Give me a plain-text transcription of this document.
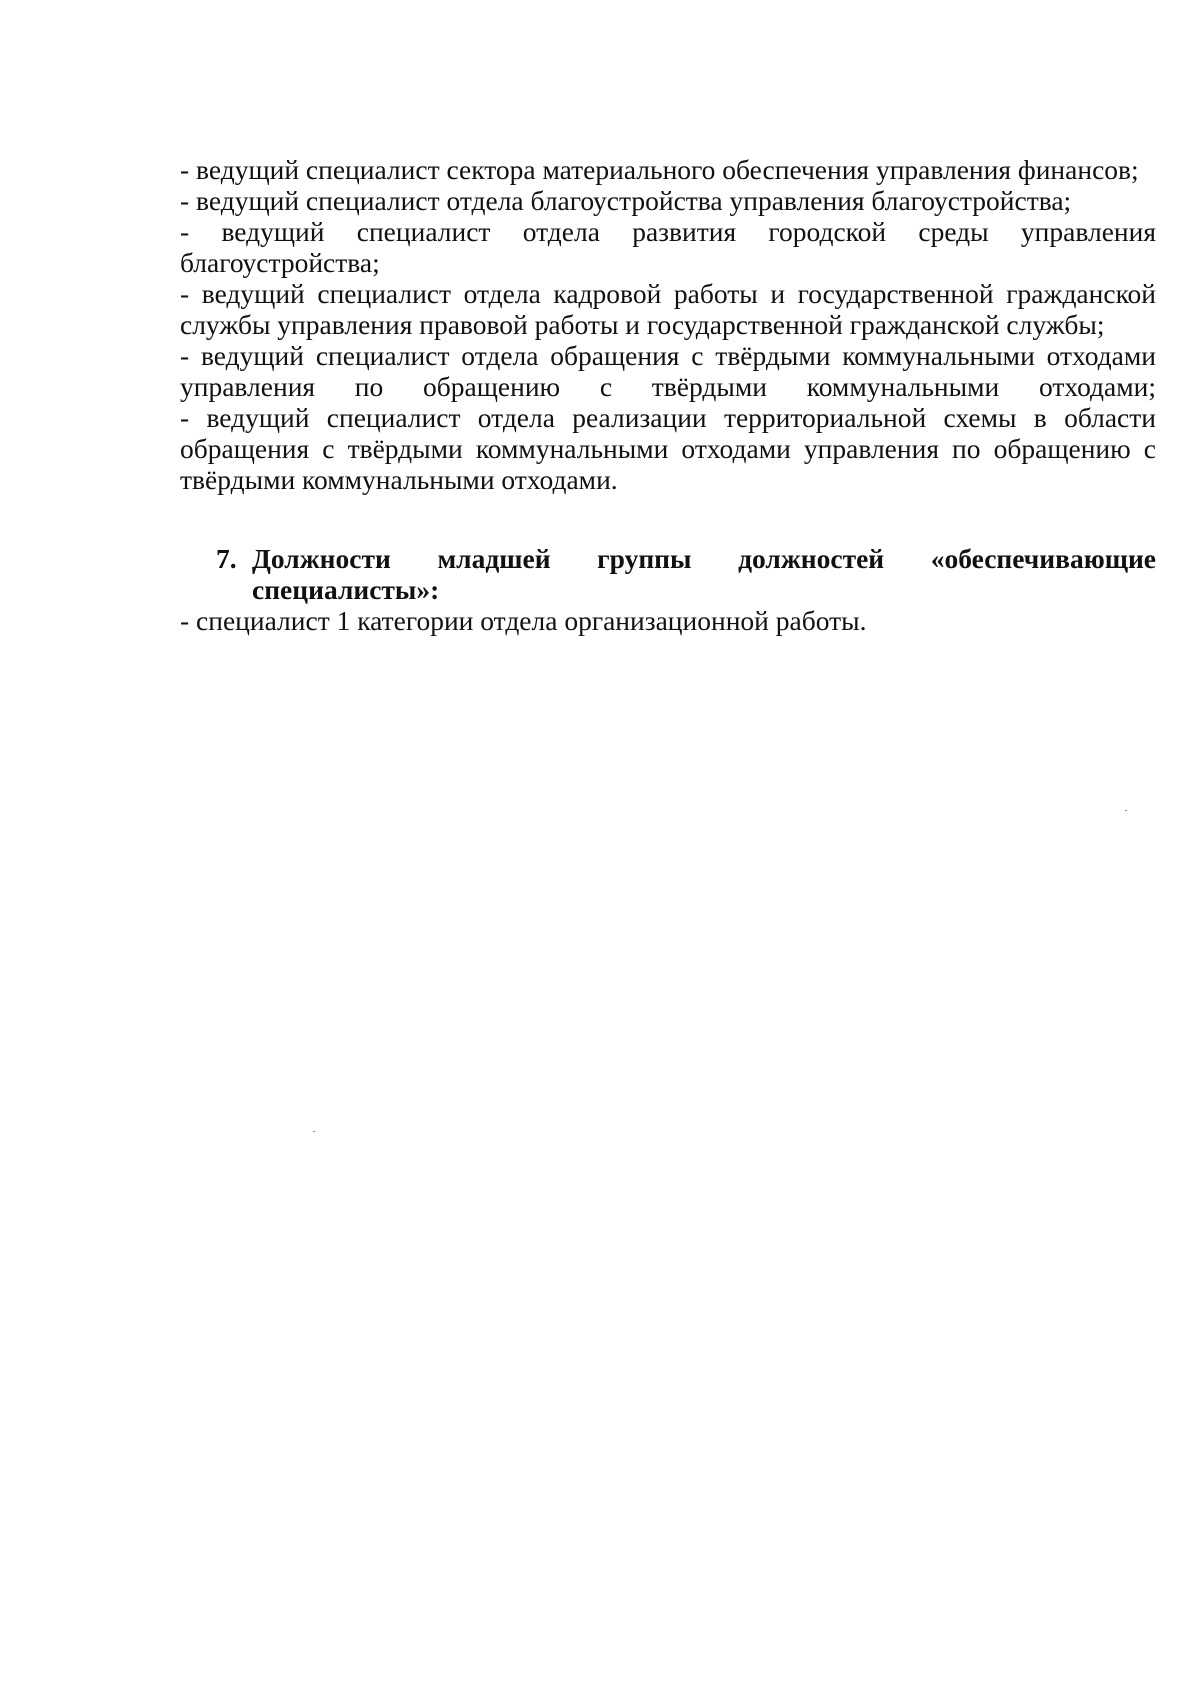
- ведущий специалист сектора материального обеспечения управления финансов;

- ведущий специалист отдела благоустройства управления благоустройства;

- ведущий специалист отдела развития городской среды управления благоустройства;

- ведущий специалист отдела кадровой работы и государственной гражданской службы управления правовой работы и государственной гражданской службы;

- ведущий специалист отдела обращения с твёрдыми коммунальными отходами управления по обращению с твёрдыми коммунальными отходами;

- ведущий специалист отдела реализации территориальной схемы в области обращения с твёрдыми коммунальными отходами управления по обращению с твёрдыми коммунальными отходами.

7. Должности младшей группы должностей «обеспечивающие специалисты»:

- специалист 1 категории отдела организационной работы.
